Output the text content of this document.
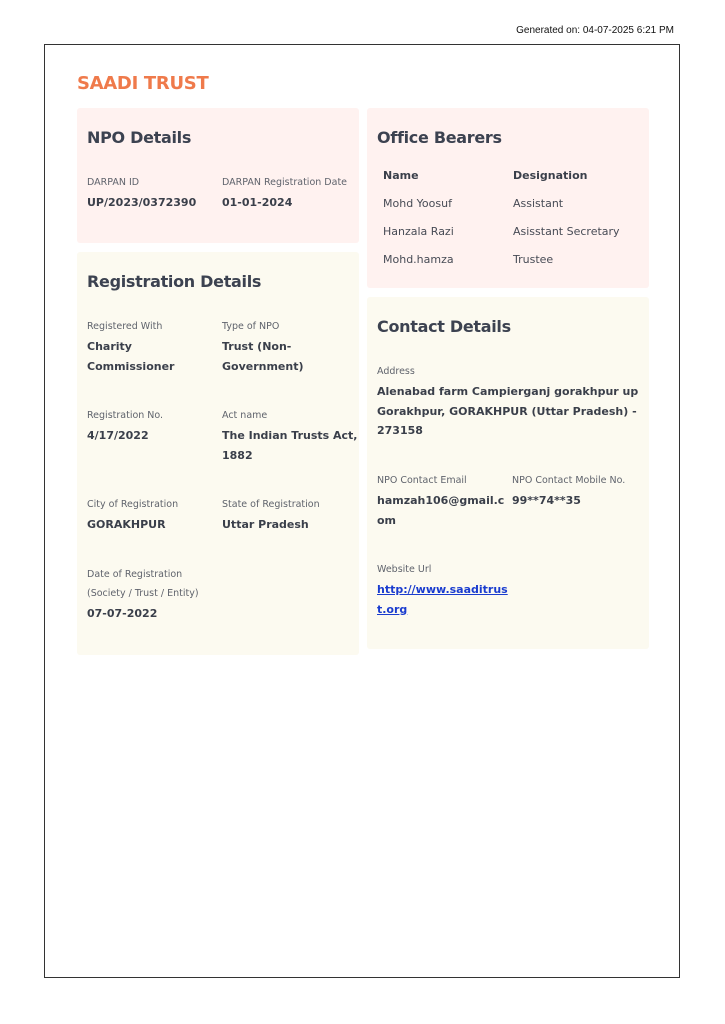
Generated on: 04-07-2025 6:21 PM
SAADI TRUST
NPO Details
DARPAN ID
UP/2023/0372390
DARPAN Registration Date
01-01-2024
Office Bearers
Name	Designation
Mohd Yoosuf	Assistant
Hanzala Razi	Asisstant Secretary
Mohd.hamza	Trustee
Registration Details
Registered With
Charity
Commissioner
Type of NPO
Trust (Non-
Government)
Registration No.
4/17/2022
Act name
The Indian Trusts Act,
1882
City of Registration
GORAKHPUR
State of Registration
Uttar Pradesh
Date of Registration
(Society / Trust / Entity)
07-07-2022
Contact Details
Address
Alenabad farm Campierganj gorakhpur up
Gorakhpur, GORAKHPUR (Uttar Pradesh) -
273158
NPO Contact Email
hamzah106@gmail.c
om
NPO Contact Mobile No.
99**74**35
Website Url
http://www.saaditrus
t.org
